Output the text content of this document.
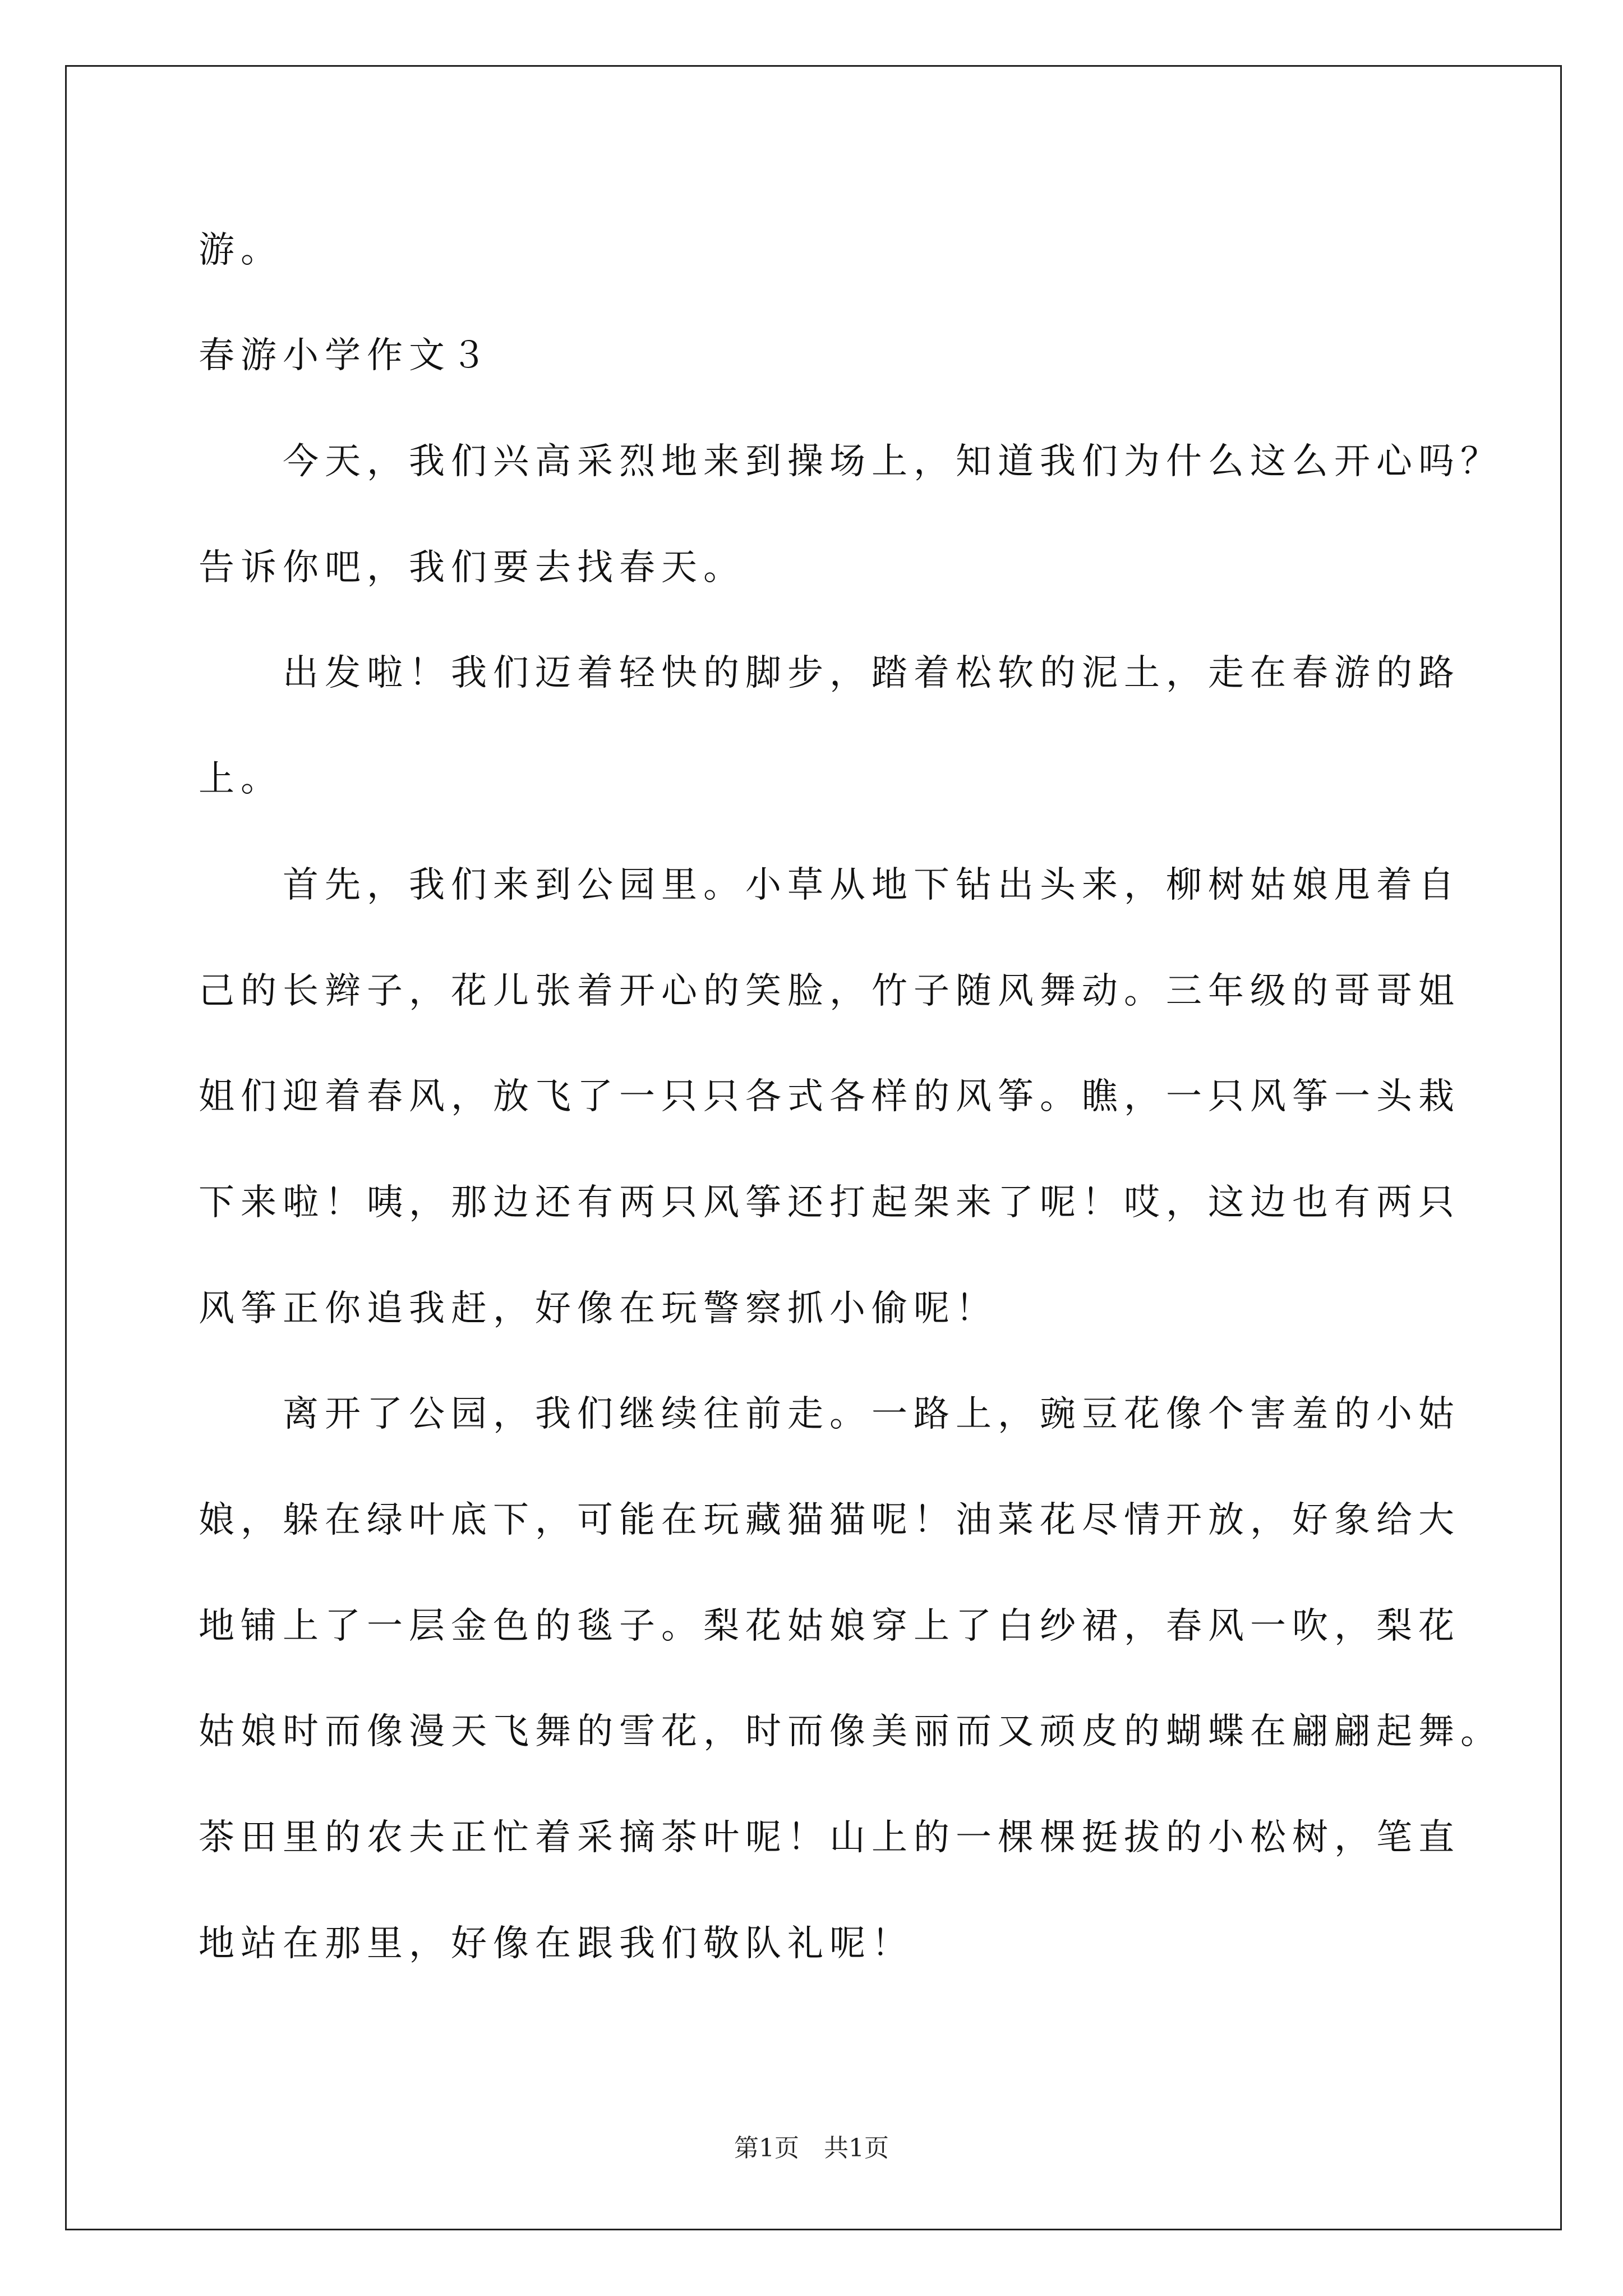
游。
春游小学作文３
今天，我们兴高采烈地来到操场上，知道我们为什么这么开心吗？
告诉你吧，我们要去找春天。
出发啦！我们迈着轻快的脚步，踏着松软的泥土，走在春游的路
上。
首先，我们来到公园里。小草从地下钻出头来，柳树姑娘甩着自
己的长辫子，花儿张着开心的笑脸，竹子随风舞动。三年级的哥哥姐
姐们迎着春风，放飞了一只只各式各样的风筝。瞧，一只风筝一头栽
下来啦！咦，那边还有两只风筝还打起架来了呢！哎，这边也有两只
风筝正你追我赶，好像在玩警察抓小偷呢！
离开了公园，我们继续往前走。一路上，豌豆花像个害羞的小姑
娘，躲在绿叶底下，可能在玩藏猫猫呢！油菜花尽情开放，好象给大
地铺上了一层金色的毯子。梨花姑娘穿上了白纱裙，春风一吹，梨花
姑娘时而像漫天飞舞的雪花，时而像美丽而又顽皮的蝴蝶在翩翩起舞。
茶田里的农夫正忙着采摘茶叶呢！山上的一棵棵挺拔的小松树，笔直
地站在那里，好像在跟我们敬队礼呢！
第1页 共1页
